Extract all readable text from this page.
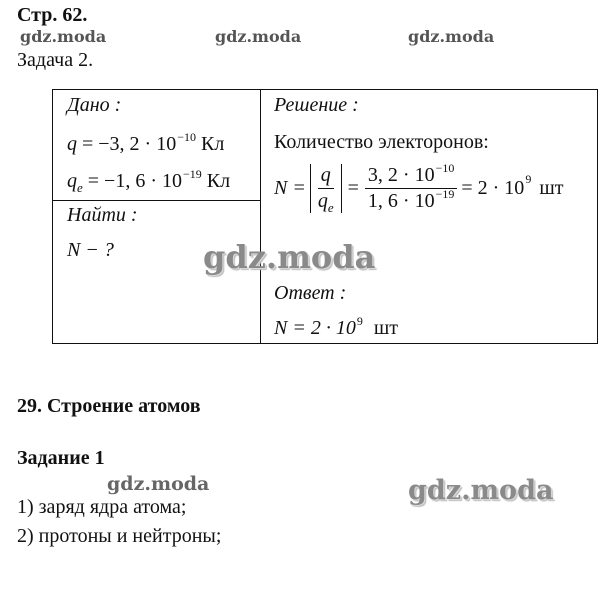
Стр. 62.
gdz.moda	gdz.moda	gdz.moda
Задача 2.
Дано :
q = −3, $2 \cdot 10^{-10}$ Кл
$q_e = -1$, $6 \cdot 10^{-19}$ Кл

Решение :
Количество электоронов:
$N = \frac{q}{q_e} = \frac{3, 2 \cdot 10^{-10}}{1, 6 \cdot 10^{-19}} = 2 \cdot 10$ 9 шт
Ответ :
$N = 2 \cdot 10^9$ шт

Найти :
N − ?	gdz.moda
29. Строение атомов
Задание 1
gdz.moda	gdz.moda
1) заряд ядра атома;
2) протоны и нейтроны;
